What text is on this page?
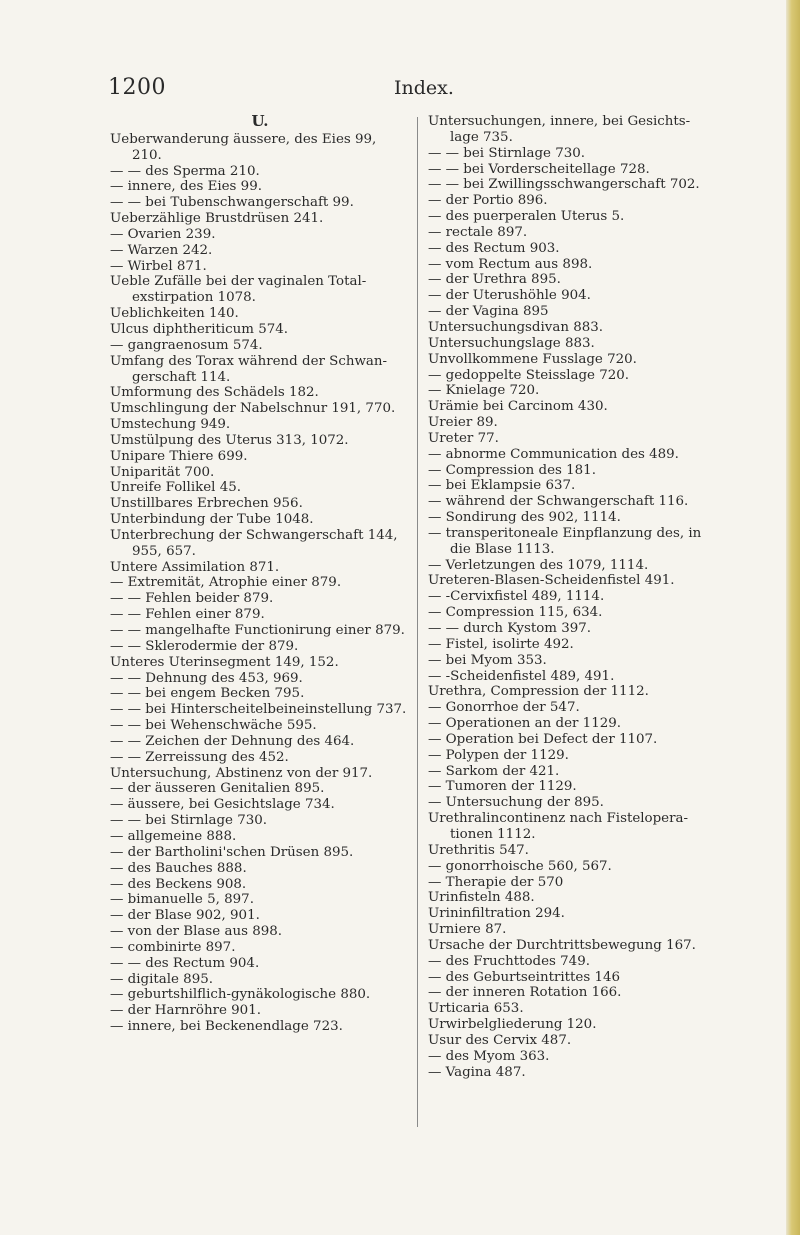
1200	Index.
U.
Ueberwanderung äussere, des Eies 99, 210.
— — des Sperma 210.
— innere, des Eies 99.
— — bei Tubenschwangerschaft 99.
Ueberzählige Brustdrüsen 241.
— Ovarien 239.
— Warzen 242.
— Wirbel 871.
Ueble Zufälle bei der vaginalen Total-exstirpation 1078.
Ueblichkeiten 140.
Ulcus diphtheriticum 574.
— gangraenosum 574.
Umfang des Torax während der Schwan-gerschaft 114.
Umformung des Schädels 182.
Umschlingung der Nabelschnur 191, 770.
Umstechung 949.
Umstülpung des Uterus 313, 1072.
Unipare Thiere 699.
Uniparität 700.
Unreife Follikel 45.
Unstillbares Erbrechen 956.
Unterbindung der Tube 1048.
Unterbrechung der Schwangerschaft 144, 955, 657.
Untere Assimilation 871.
— Extremität, Atrophie einer 879.
— — Fehlen beider 879.
— — Fehlen einer 879.
— — mangelhafte Functionirung einer 879.
— — Sklerodermie der 879.
Unteres Uterinsegment 149, 152.
— — Dehnung des 453, 969.
— — bei engem Becken 795.
— — bei Hinterscheitelbeineinstellung 737.
— — bei Wehenschwäche 595.
— — Zeichen der Dehnung des 464.
— — Zerreissung des 452.
Untersuchung, Abstinenz von der 917.
— der äusseren Genitalien 895.
— äussere, bei Gesichtslage 734.
— — bei Stirnlage 730.
— allgemeine 888.
— der Bartholini'schen Drüsen 895.
— des Bauches 888.
— des Beckens 908.
— bimanuelle 5, 897.
— der Blase 902, 901.
— von der Blase aus 898.
— combinirte 897.
— — des Rectum 904.
— digitale 895.
— geburtshilflich-gynäkologische 880.
— der Harnröhre 901.
— innere, bei Beckenendlage 723.
Untersuchungen, innere, bei Gesichts-lage 735.
— — bei Stirnlage 730.
— — bei Vorderscheitellage 728.
— — bei Zwillingsschwangerschaft 702.
— der Portio 896.
— des puerperalen Uterus 5.
— rectale 897.
— des Rectum 903.
— vom Rectum aus 898.
— der Urethra 895.
— der Uterushöhle 904.
— der Vagina 895
Untersuchungsdivan 883.
Untersuchungslage 883.
Unvollkommene Fusslage 720.
— gedoppelte Steisslage 720.
— Knielage 720.
Urämie bei Carcinom 430.
Ureier 89.
Ureter 77.
— abnorme Communication des 489.
— Compression des 181.
— bei Eklampsie 637.
— während der Schwangerschaft 116.
— Sondirung des 902, 1114.
— transperitoneale Einpflanzung des, in die Blase 1113.
— Verletzungen des 1079, 1114.
Ureteren-Blasen-Scheidenfistel 491.
— -Cervixfistel 489, 1114.
— Compression 115, 634.
— — durch Kystom 397.
— Fistel, isolirte 492.
— bei Myom 353.
— -Scheidenfistel 489, 491.
Urethra, Compression der 1112.
— Gonorrhoe der 547.
— Operationen an der 1129.
— Operation bei Defect der 1107.
— Polypen der 1129.
— Sarkom der 421.
— Tumoren der 1129.
— Untersuchung der 895.
Urethralincontinenz nach Fistelopera-tionen 1112.
Urethritis 547.
— gonorrhoische 560, 567.
— Therapie der 570
Urinfisteln 488.
Urininfiltration 294.
Urniere 87.
Ursache der Durchtrittsbewegung 167.
— des Fruchttodes 749.
— des Geburtseintrittes 146
— der inneren Rotation 166.
Urticaria 653.
Urwirbelgliederung 120.
Usur des Cervix 487.
— des Myom 363.
— Vagina 487.
